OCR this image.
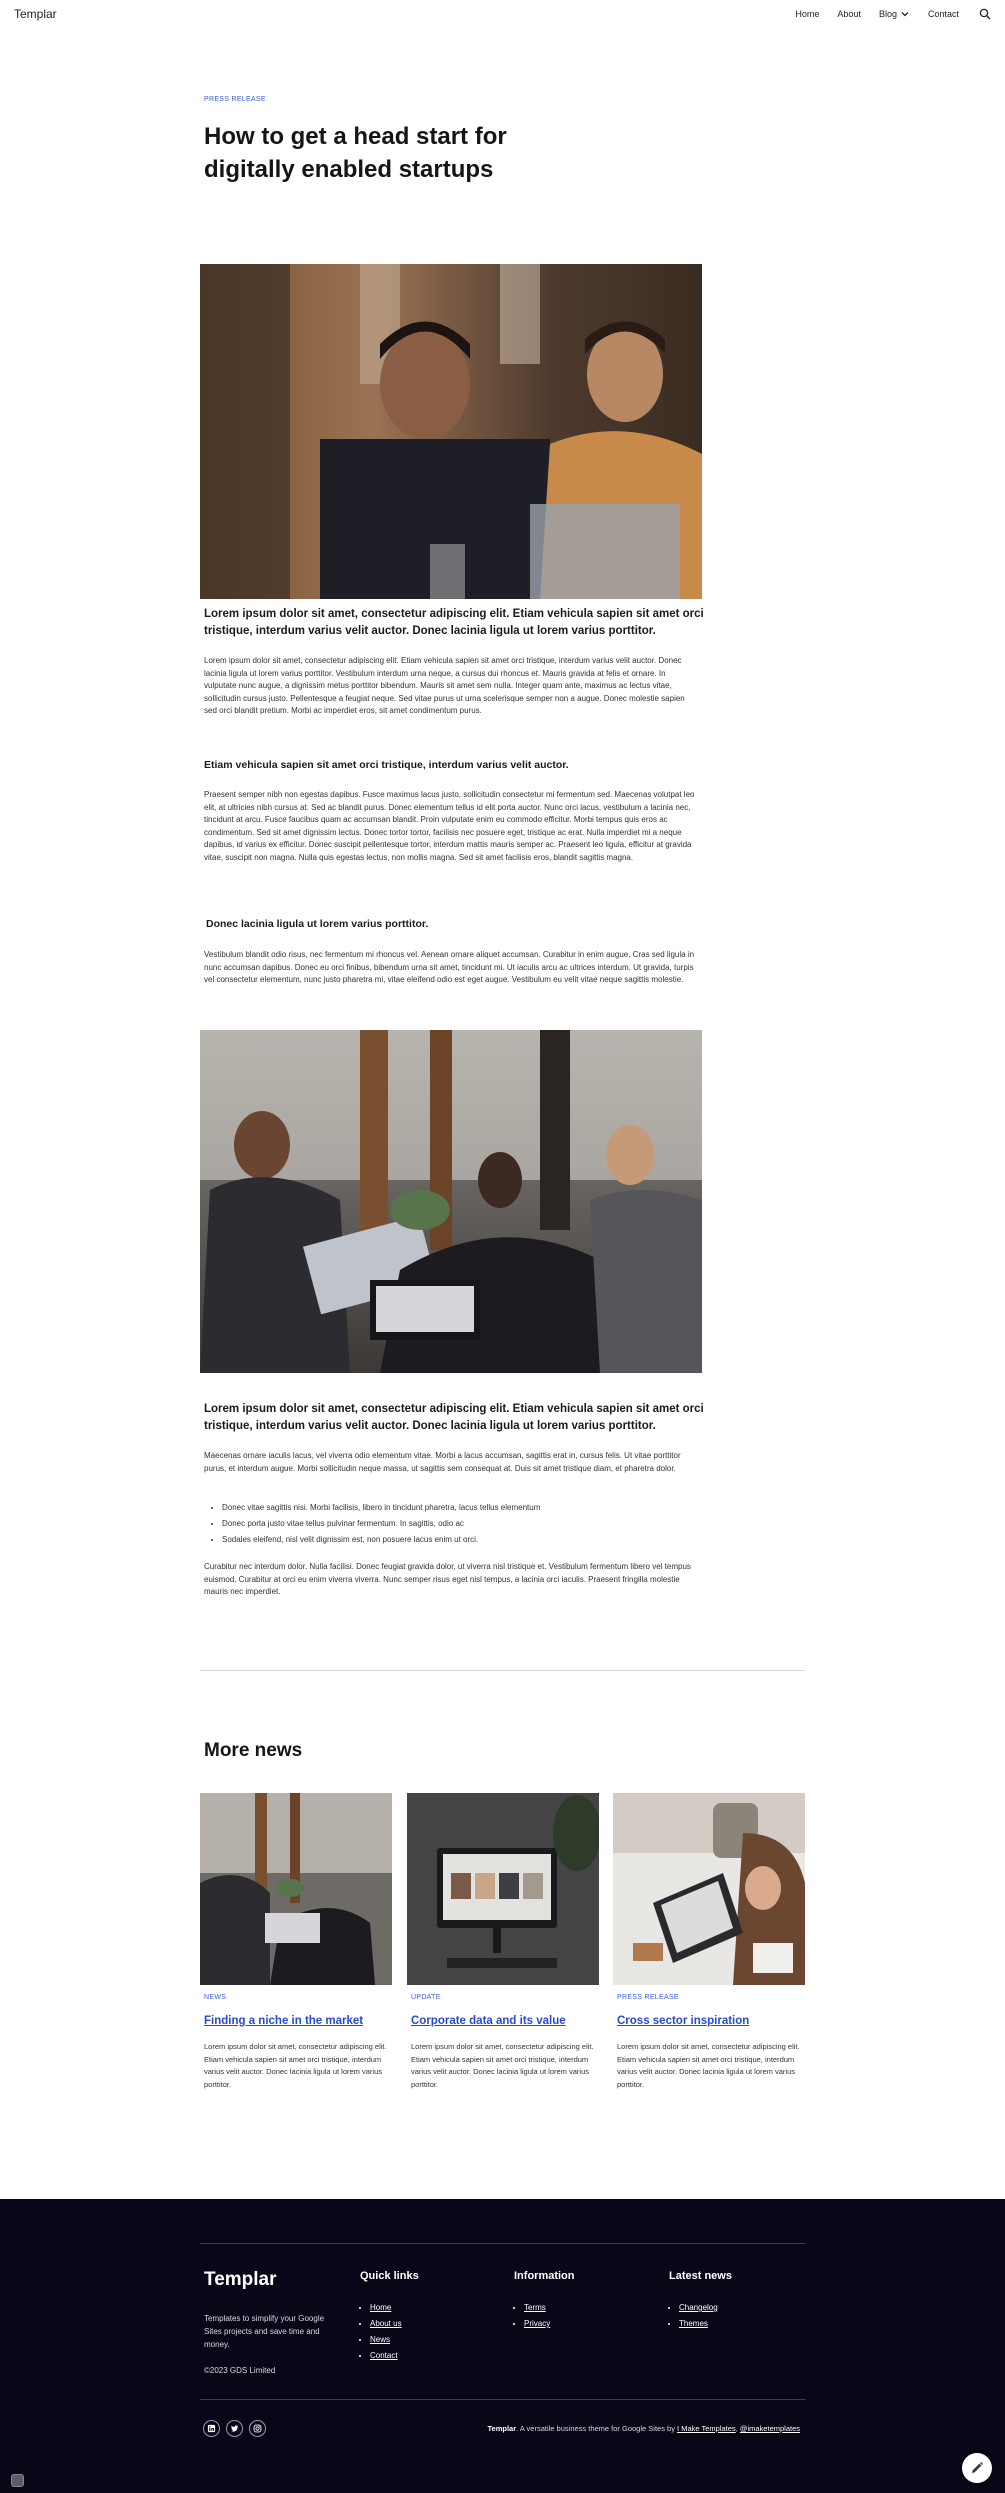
Templar	Home About Blog	Contact
PRESS RELEASE
How to get a head start for digitally enabled startups

Lorem ipsum dolor sit amet, consectetur adipiscing elit. Etiam vehicula sapien sit amet orci tristique, interdum varius velit auctor. Donec lacinia ligula ut lorem varius porttitor.

Lorem ipsum dolor sit amet, consectetur adipiscing elit. Etiam vehicula sapien sit amet orci tristique, interdum varius velit auctor. Donec lacinia ligula ut lorem varius porttitor. Vestibulum interdum urna neque, a cursus dui rhoncus et. Mauris gravida at felis et ornare. In vulputate nunc augue, a dignissim metus porttitor bibendum. Mauris sit amet sem nulla. Integer quam ante, maximus ac lectus vitae, sollicitudin cursus justo. Pellentesque a feugiat neque. Sed vitae purus ut urna scelerisque semper non a augue. Donec molestie sapien sed orci blandit pretium. Morbi ac imperdiet eros, sit amet condimentum purus.

Etiam vehicula sapien sit amet orci tristique, interdum varius velit auctor.

Praesent semper nibh non egestas dapibus. Fusce maximus lacus justo, sollicitudin consectetur mi fermentum sed. Maecenas volutpat leo elit, at ultricies nibh cursus at. Sed ac blandit purus. Donec elementum tellus id elit porta auctor. Nunc orci lacus, vestibulum a lacinia nec, tincidunt at arcu. Fusce faucibus quam ac accumsan blandit. Proin vulputate enim eu commodo efficitur. Morbi tempus quis eros ac condimentum. Sed sit amet dignissim lectus. Donec tortor tortor, facilisis nec posuere eget, tristique ac erat. Nulla imperdiet mi a neque dapibus, id varius ex efficitur. Donec suscipit pellentesque tortor, interdum mattis mauris semper ac. Praesent leo ligula, efficitur at gravida vitae, suscipit non magna. Nulla quis egestas lectus, non mollis magna. Sed sit amet facilisis eros, blandit sagittis magna.

Donec lacinia ligula ut lorem varius porttitor.

Vestibulum blandit odio risus, nec fermentum mi rhoncus vel. Aenean ornare aliquet accumsan. Curabitur in enim augue. Cras sed ligula in nunc accumsan dapibus. Donec eu orci finibus, bibendum urna sit amet, tincidunt mi. Ut iaculis arcu ac ultrices interdum. Ut gravida, turpis vel consectetur elementum, nunc justo pharetra mi, vitae eleifend odio est eget augue. Vestibulum eu velit vitae neque sagittis molestie.

Lorem ipsum dolor sit amet, consectetur adipiscing elit. Etiam vehicula sapien sit amet orci tristique, interdum varius velit auctor. Donec lacinia ligula ut lorem varius porttitor.

Maecenas ornare iaculis lacus, vel viverra odio elementum vitae. Morbi a lacus accumsan, sagittis erat in, cursus felis. Ut vitae porttitor purus, et interdum augue. Morbi sollicitudin neque massa, ut sagittis sem consequat at. Duis sit amet tristique diam, et pharetra dolor.

• Donec vitae sagittis nisi. Morbi facilisis, libero in tincidunt pharetra, lacus tellus elementum
• Donec porta justo vitae tellus pulvinar fermentum. In sagittis, odio ac
• Sodales eleifend, nisl velit dignissim est, non posuere lacus enim ut orci.

Curabitur nec interdum dolor. Nulla facilisi. Donec feugiat gravida dolor, ut viverra nisl tristique et. Vestibulum fermentum libero vel tempus euismod. Curabitur at orci eu enim viverra viverra. Nunc semper risus eget nisl tempus, a lacinia orci iaculis. Praesent fringilla molestie mauris nec imperdiet.

More news
NEWS
Finding a niche in the market

Lorem ipsum dolor sit amet, consectetur adipiscing elit. Etiam vehicula sapien sit amet orci tristique, interdum varius velit auctor. Donec lacinia ligula ut lorem varius porttitor.

UPDATE
Corporate data and its value

Lorem ipsum dolor sit amet, consectetur adipiscing elit. Etiam vehicula sapien sit amet orci tristique, interdum varius velit auctor. Donec lacinia ligula ut lorem varius porttitor.

PRESS RELEASE
Cross sector inspiration

Lorem ipsum dolor sit amet, consectetur adipiscing elit. Etiam vehicula sapien sit amet orci tristique, interdum varius velit auctor. Donec lacinia ligula ut lorem varius porttitor.

Templar

Templates to simplify your Google Sites projects and save time and money.

©2023 GDS Limited

Quick links
• Home
• About us
• News
• Contact
Information
• Terms
• Privacy
Latest news
• Changelog
• Themes

Templar. A versatile business theme for Google Sites by I Make Templates, @imaketemplates
